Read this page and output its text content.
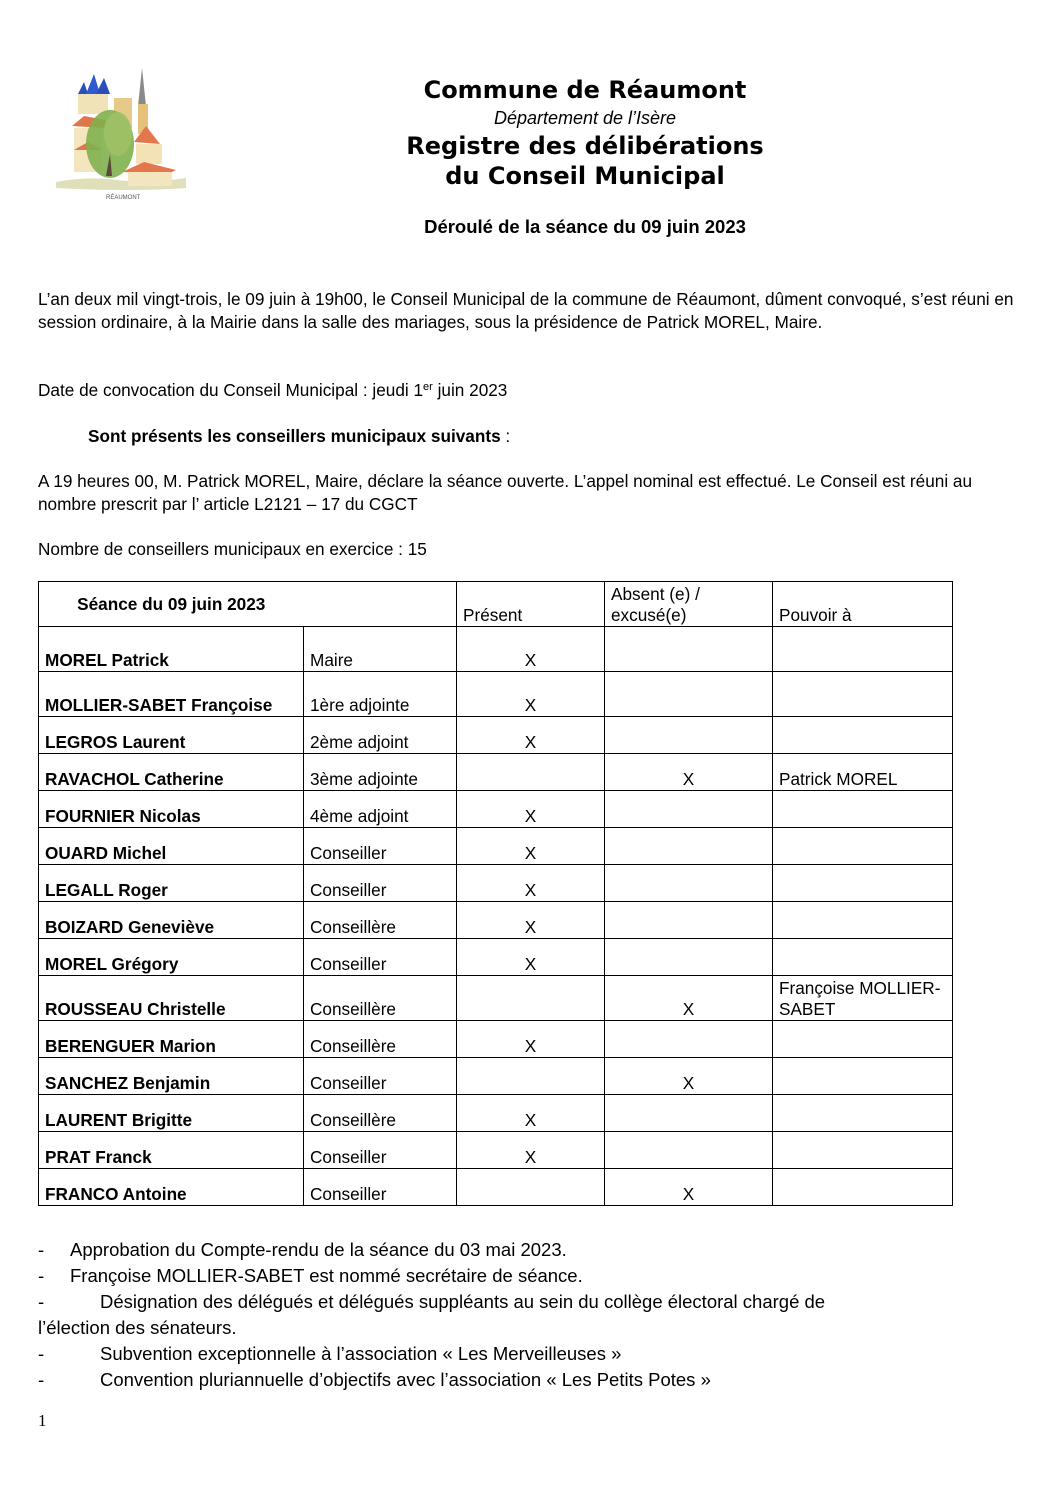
RÉAUMONT
Commune de Réaumont
Département de l’Isère
Registre des délibérations
du Conseil Municipal
Déroulé de la séance du 09 juin 2023
L’an deux mil vingt-trois, le 09 juin à 19h00, le Conseil Municipal de la commune de Réaumont, dûment convoqué, s’est réuni en session ordinaire, à la Mairie dans la salle des mariages, sous la présidence de Patrick MOREL, Maire.
Date de convocation du Conseil Municipal : jeudi 1er juin 2023
Sont présents les conseillers municipaux suivants :
A 19 heures 00, M. Patrick MOREL, Maire, déclare la séance ouverte. L’appel nominal est effectué. Le Conseil est réuni au nombre prescrit par l’ article L2121 – 17 du CGCT
Nombre de conseillers municipaux en exercice : 15
Séance du 09 juin 2023		Présent	Absent (e) /
excusé(e)	Pouvoir à
MOREL Patrick	Maire	X		
MOLLIER-SABET Françoise	1ère adjointe	X		
LEGROS Laurent	2ème adjoint	X		
RAVACHOL Catherine	3ème adjointe		X	Patrick MOREL
FOURNIER Nicolas	4ème adjoint	X		
OUARD Michel	Conseiller	X		
LEGALL Roger	Conseiller	X		
BOIZARD Geneviève	Conseillère	X		
MOREL Grégory	Conseiller	X		
ROUSSEAU Christelle	Conseillère		X	Françoise MOLLIER-SABET
BERENGUER Marion	Conseillère	X		
SANCHEZ Benjamin	Conseiller		X	
LAURENT Brigitte	Conseillère	X		
PRAT Franck	Conseiller	X		
FRANCO Antoine	Conseiller		X	
- Approbation du Compte-rendu de la séance du 03 mai 2023.
- Françoise MOLLIER-SABET est nommé secrétaire de séance.
-	Désignation des délégués et délégués suppléants au sein du collège électoral chargé de
l’élection des sénateurs.
-	Subvention exceptionnelle à l’association « Les Merveilleuses »
-	Convention pluriannuelle d’objectifs avec l’association « Les Petits Potes »
1
